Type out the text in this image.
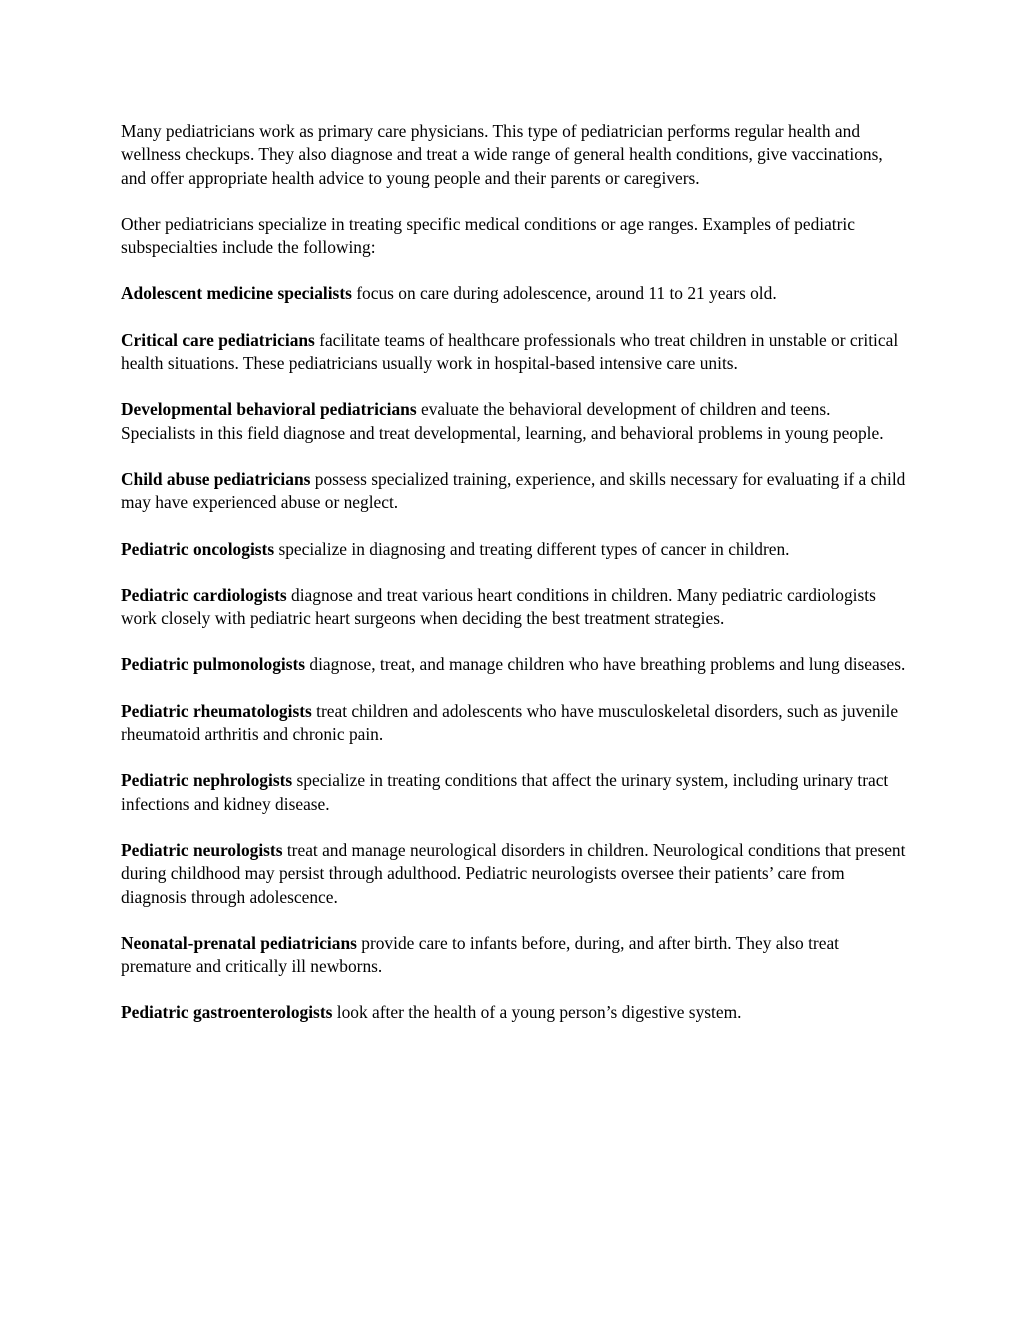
Many pediatricians work as primary care physicians. This type of pediatrician performs regular health and wellness checkups. They also diagnose and treat a wide range of general health conditions, give vaccinations, and offer appropriate health advice to young people and their parents or caregivers.

Other pediatricians specialize in treating specific medical conditions or age ranges. Examples of pediatric subspecialties include the following:

Adolescent medicine specialists focus on care during adolescence, around 11 to 21 years old.

Critical care pediatricians facilitate teams of healthcare professionals who treat children in unstable or critical health situations. These pediatricians usually work in hospital-based intensive care units.

Developmental behavioral pediatricians evaluate the behavioral development of children and teens. Specialists in this field diagnose and treat developmental, learning, and behavioral problems in young people.

Child abuse pediatricians possess specialized training, experience, and skills necessary for evaluating if a child may have experienced abuse or neglect.

Pediatric oncologists specialize in diagnosing and treating different types of cancer in children.

Pediatric cardiologists diagnose and treat various heart conditions in children. Many pediatric cardiologists work closely with pediatric heart surgeons when deciding the best treatment strategies.

Pediatric pulmonologists diagnose, treat, and manage children who have breathing problems and lung diseases.

Pediatric rheumatologists treat children and adolescents who have musculoskeletal disorders, such as juvenile rheumatoid arthritis and chronic pain.

Pediatric nephrologists specialize in treating conditions that affect the urinary system, including urinary tract infections and kidney disease.

Pediatric neurologists treat and manage neurological disorders in children. Neurological conditions that present during childhood may persist through adulthood. Pediatric neurologists oversee their patients’ care from diagnosis through adolescence.

Neonatal-prenatal pediatricians provide care to infants before, during, and after birth. They also treat premature and critically ill newborns.

Pediatric gastroenterologists look after the health of a young person’s digestive system.
